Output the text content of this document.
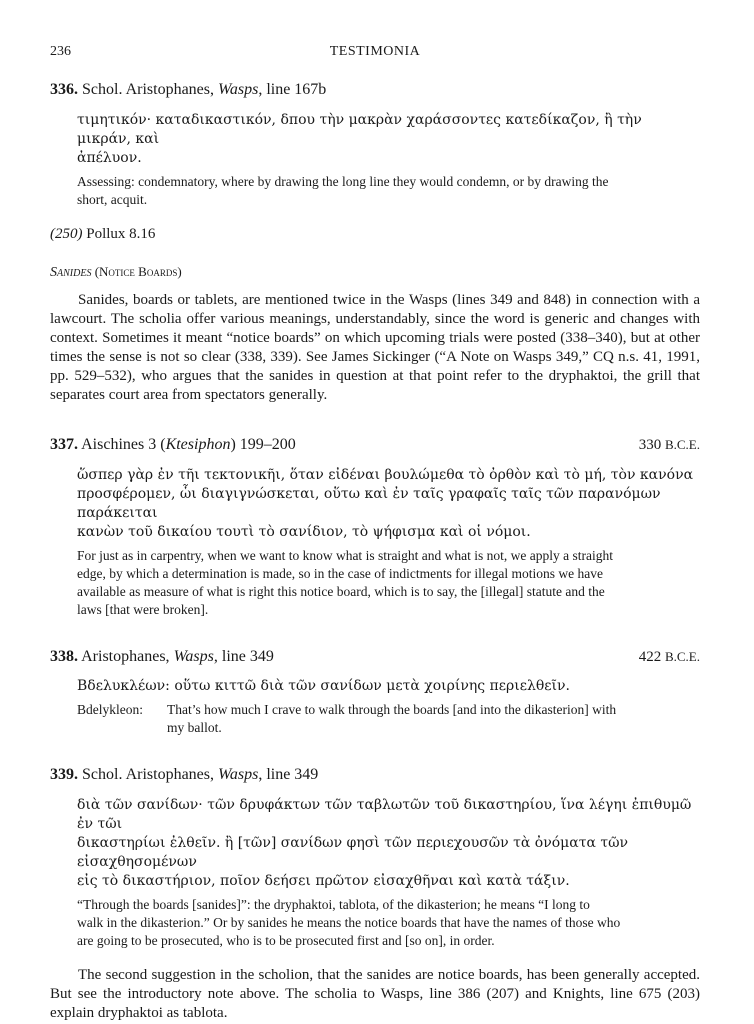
236	TESTIMONIA
336. Schol. Aristophanes, Wasps, line 167b
τιμητικόν· καταδικαστικόν, δπου τὴν μακρὰν χαράσσοντες κατεδίκαζον, ἢ τὴν μικράν, καὶ
ἀπέλυον.
Assessing: condemnatory, where by drawing the long line they would condemn, or by drawing the
short, acquit.
(250) Pollux 8.16
Sanides (Notice Boards)
Sanides, boards or tablets, are mentioned twice in the Wasps (lines 349 and 848) in connection with a lawcourt. The scholia offer various meanings, understandably, since the word is generic and changes with context. Sometimes it meant “notice boards” on which upcoming trials were posted (338–340), but at other times the sense is not so clear (338, 339). See James Sickinger (“A Note on Wasps 349,” CQ n.s. 41, 1991, pp. 529–532), who argues that the sanides in question at that point refer to the dryphaktoi, the grill that separates court area from spectators generally.
337. Aischines 3 (Ktesiphon) 199–200	330 B.C.E.
ὥσπερ γὰρ ἐν τῆι τεκτονικῆι, ὅταν εἰδέναι βουλώμεθα τὸ ὀρθὸν καὶ τὸ μή, τὸν κανόνα
προσφέρομεν, ὧι διαγιγνώσκεται, οὕτω καὶ ἐν ταῖς γραφαῖς ταῖς τῶν παρανόμων παράκειται
κανὼν τοῦ δικαίου τουτὶ τὸ σανίδιον, τὸ ψήφισμα καὶ οἱ νόμοι.
For just as in carpentry, when we want to know what is straight and what is not, we apply a straight
edge, by which a determination is made, so in the case of indictments for illegal motions we have
available as measure of what is right this notice board, which is to say, the [illegal] statute and the
laws [that were broken].
338. Aristophanes, Wasps, line 349	422 B.C.E.
Βδελυκλέων: οὕτω κιττῶ διὰ τῶν σανίδων μετὰ χοιρίνης περιελθεῖν.
Bdelykleon:	That’s how much I crave to walk through the boards [and into the dikasterion] with
my ballot.
339. Schol. Aristophanes, Wasps, line 349
διὰ τῶν σανίδων· τῶν δρυφάκτων τῶν ταβλωτῶν τοῦ δικαστηρίου, ἵνα λέγηι ἐπιθυμῶ ἐν τῶι
δικαστηρίωι ἐλθεῖν. ἢ [τῶν] σανίδων φησὶ τῶν περιεχουσῶν τὰ ὀνόματα τῶν εἰσαχθησομένων
εἰς τὸ δικαστήριον, ποῖον δεήσει πρῶτον εἰσαχθῆναι καὶ κατὰ τάξιν.
“Through the boards [sanides]”: the dryphaktoi, tablota, of the dikasterion; he means “I long to
walk in the dikasterion.” Or by sanides he means the notice boards that have the names of those who
are going to be prosecuted, who is to be prosecuted first and [so on], in order.
The second suggestion in the scholion, that the sanides are notice boards, has been generally accepted. But see the introductory note above. The scholia to Wasps, line 386 (207) and Knights, line 675 (203) explain dryphaktoi as tablota.
